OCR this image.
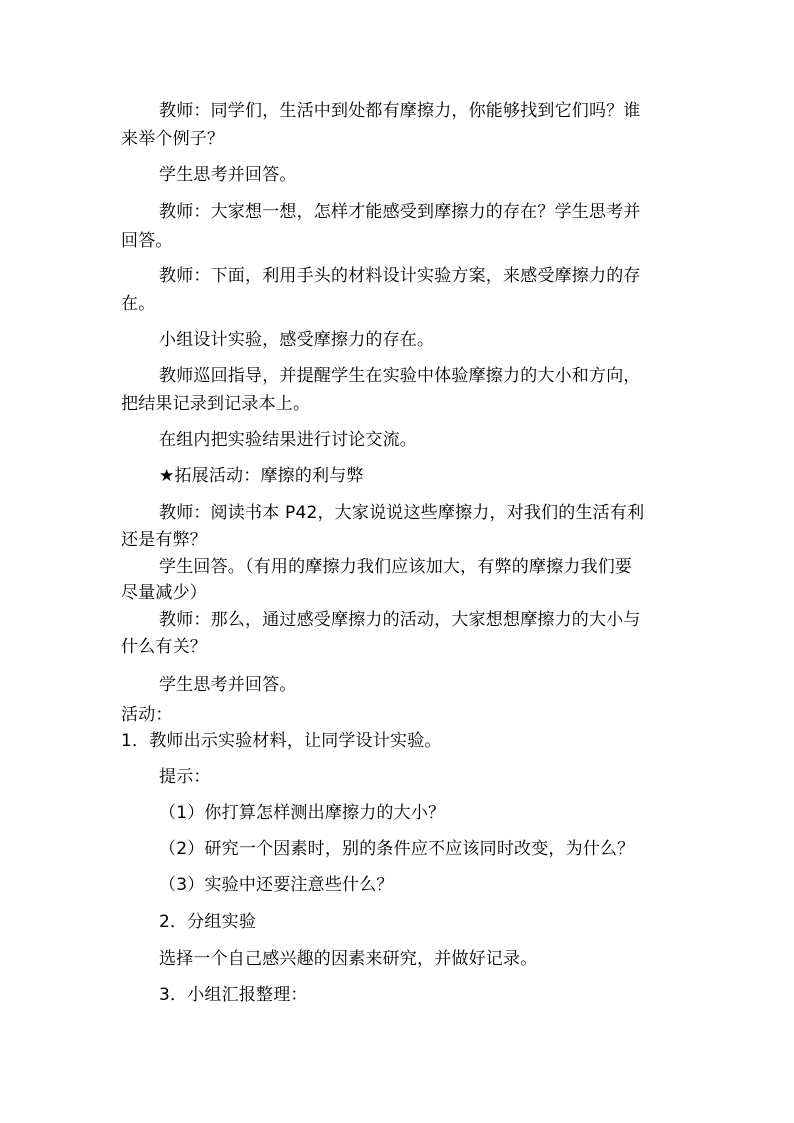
教师：同学们，生活中到处都有摩擦力，你能够找到它们吗？谁
来举个例子？
学生思考并回答。
教师：大家想一想，怎样才能感受到摩擦力的存在？学生思考并
回答。
教师：下面，利用手头的材料设计实验方案，来感受摩擦力的存
在。
小组设计实验，感受摩擦力的存在。
教师巡回指导，并提醒学生在实验中体验摩擦力的大小和方向，
把结果记录到记录本上。
在组内把实验结果进行讨论交流。
★拓展活动：摩擦的利与弊
教师：阅读书本 P42，大家说说这些摩擦力，对我们的生活有利
还是有弊？
学生回答。（有用的摩擦力我们应该加大，有弊的摩擦力我们要
尽量减少）
教师：那么，通过感受摩擦力的活动，大家想想摩擦力的大小与
什么有关？
学生思考并回答。
活动：
1．教师出示实验材料，让同学设计实验。
提示：
（1）你打算怎样测出摩擦力的大小？
（2）研究一个因素时，别的条件应不应该同时改变，为什么？
（3）实验中还要注意些什么？
2．分组实验
选择一个自己感兴趣的因素来研究，并做好记录。
3．小组汇报整理：
